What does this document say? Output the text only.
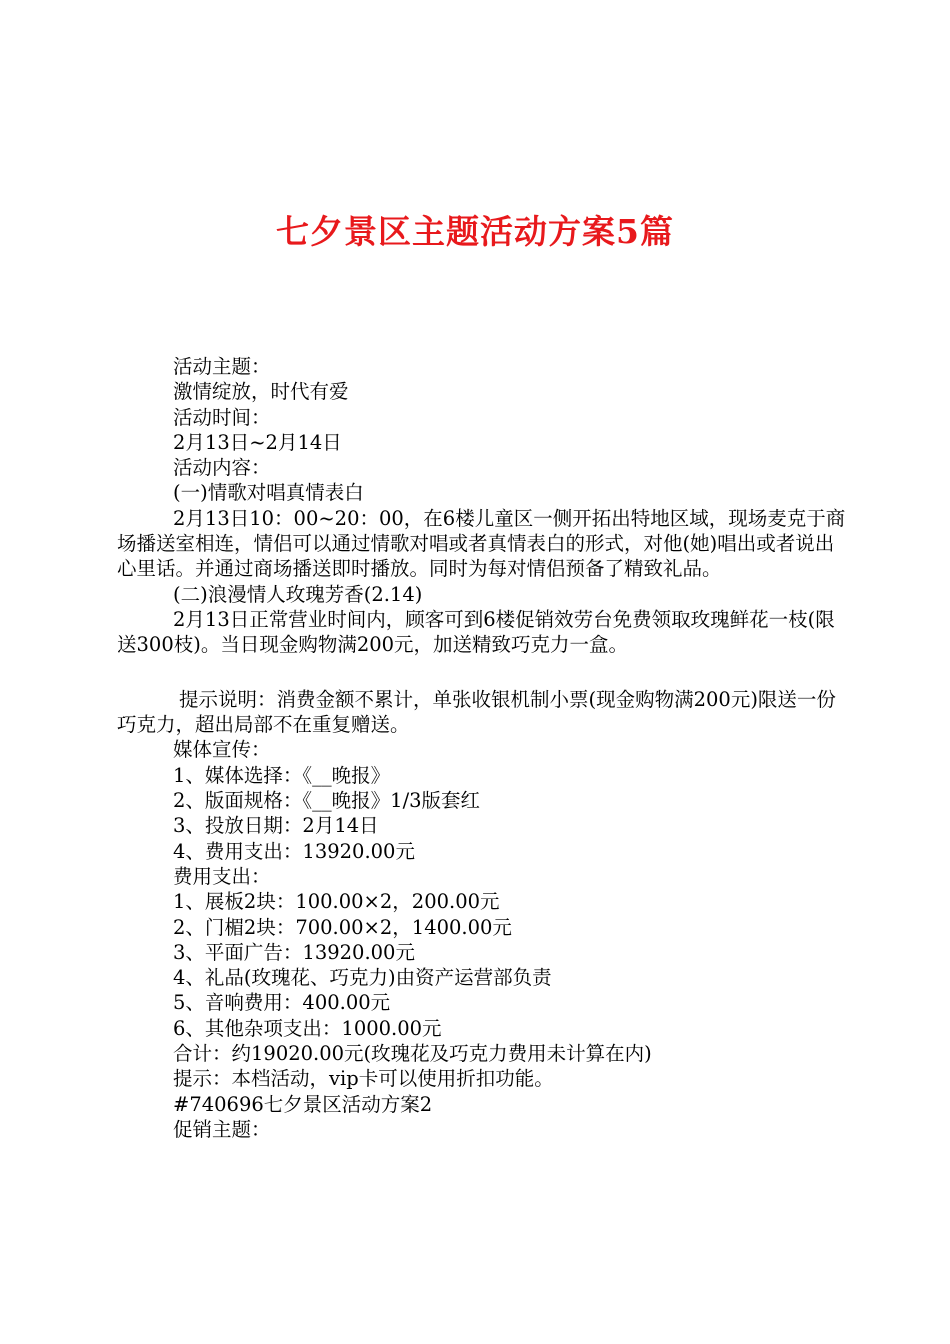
七夕景区主题活动方案5篇

活动主题：

激情绽放，时代有爱

活动时间：

2月13日~2月14日

活动内容：

(一)情歌对唱真情表白

2月13日10：00~20：00，在6楼儿童区一侧开拓出特地区域，现场麦克于商场播送室相连，情侣可以通过情歌对唱或者真情表白的形式，对他(她)唱出或者说出心里话。并通过商场播送即时播放。同时为每对情侣预备了精致礼品。

(二)浪漫情人玫瑰芳香(2.14)

2月13日正常营业时间内，顾客可到6楼促销效劳台免费领取玫瑰鲜花一枝(限送300枝)。当日现金购物满200元，加送精致巧克力一盒。

提示说明：消费金额不累计，单张收银机制小票(现金购物满200元)限送一份巧克力，超出局部不在重复赠送。

媒体宣传：

1、媒体选择：《__晚报》

2、版面规格：《__晚报》1/3版套红

3、投放日期：2月14日

4、费用支出：13920.00元

费用支出：

1、展板2块：100.00×2，200.00元

2、门楣2块：700.00×2，1400.00元

3、平面广告：13920.00元

4、礼品(玫瑰花、巧克力)由资产运营部负责

5、音响费用：400.00元

6、其他杂项支出：1000.00元

合计：约19020.00元(玫瑰花及巧克力费用未计算在内)

提示：本档活动，vip卡可以使用折扣功能。

#740696七夕景区活动方案2

促销主题：
